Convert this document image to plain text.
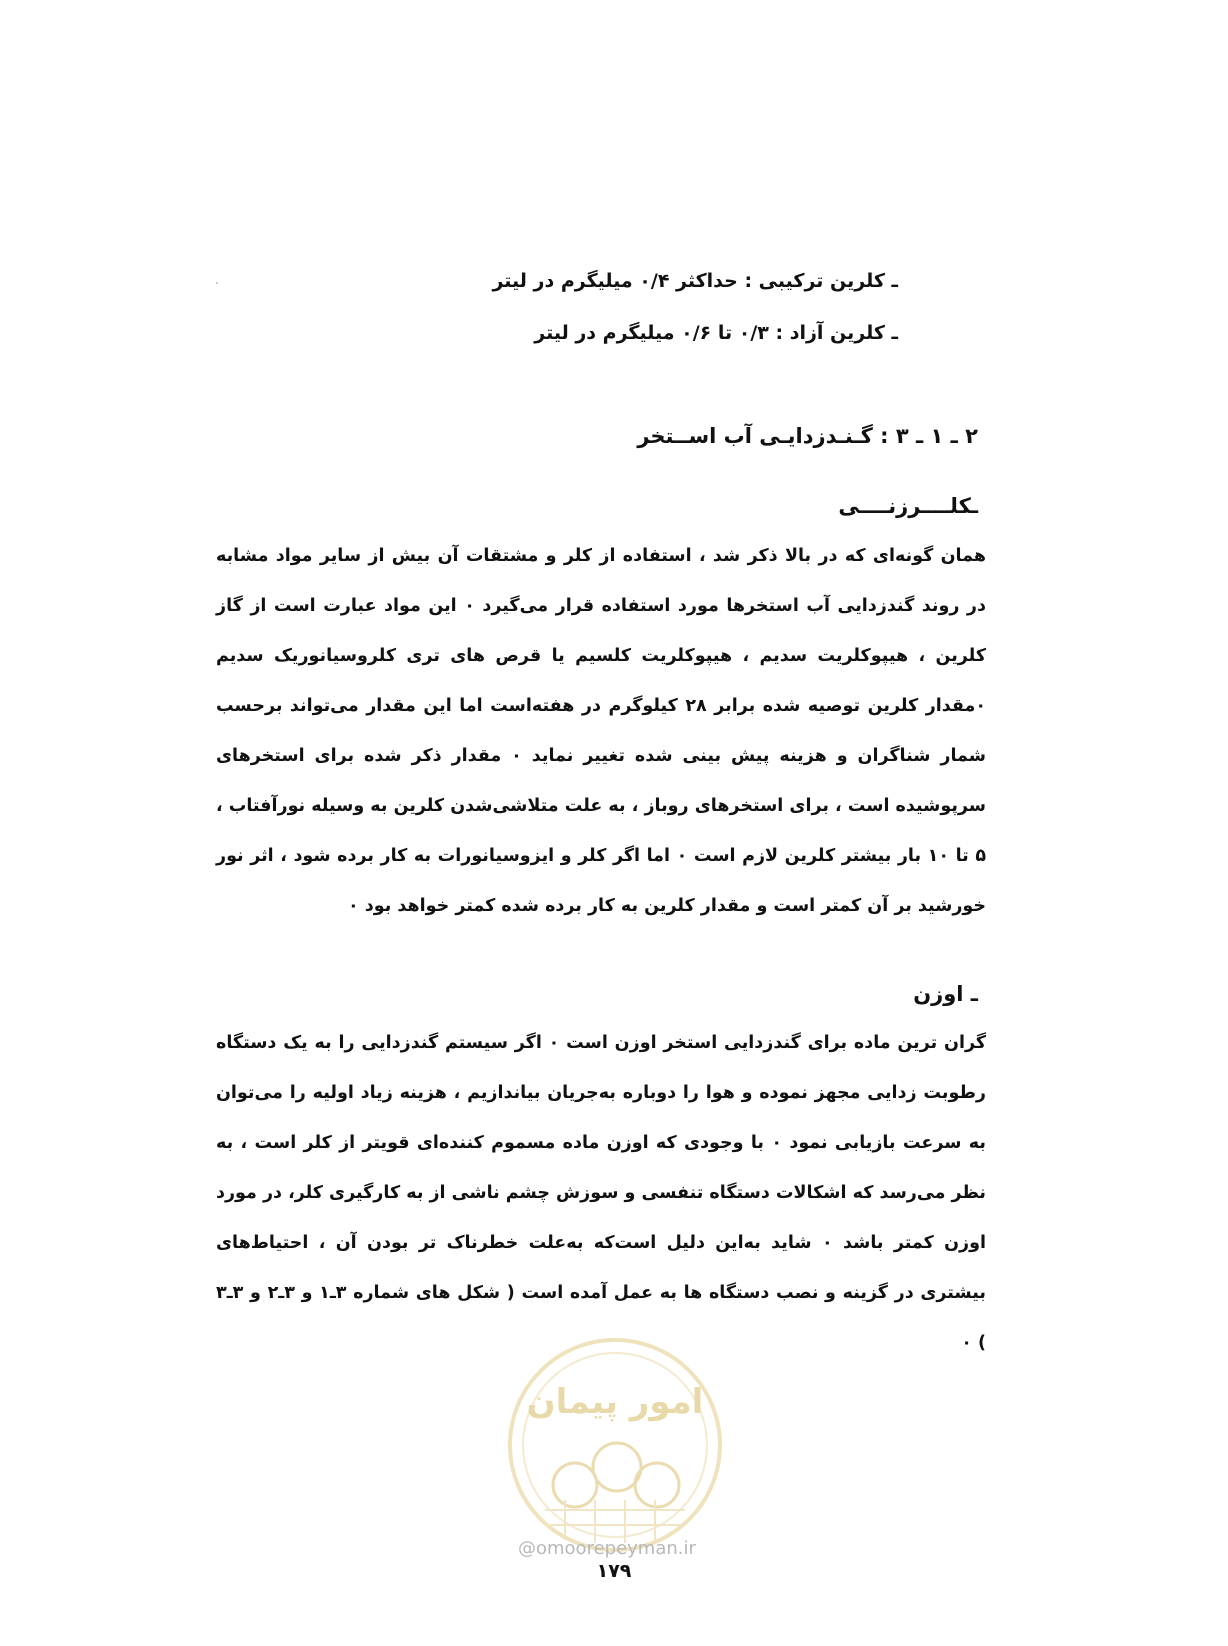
ـ کلرین ترکیبی : حداکثر ۰/۴ میلیگرم در لیتر
ـ کلرین آزاد : ۰/۳ تا ۰/۶ میلیگرم در لیتر
۲ ـ ۱ ـ ۳ : گـنـدزدایـی آب اســتخر
ـکلــــرزنــــی

همان گونه‌ای که در بالا ذکر شد ، استفاده از کلر و مشتقات آن بیش از سایر مواد مشابه در روند گندزدایی آب استخرها مورد استفاده قرار می‌گیرد ۰ این مواد عبارت است از گاز کلرین ، هیپوکلریت سدیم ، هیپوکلریت کلسیم یا قرص های تری کلروسیانوریک سدیم ۰مقدار کلرین توصیه شده برابر ۲۸ کیلوگرم در هفته‌است اما این مقدار می‌تواند برحسب شمار شناگران و هزینه پیش بینی شده تغییر نماید ۰ مقدار ذکر شده برای استخرهای سرپوشیده است ، برای استخرهای روباز ، به علت متلاشی‌شدن کلرین به وسیله نورآفتاب ، ۵ تا ۱۰ بار بیشتر کلرین لازم است ۰ اما اگر کلر و ایزوسیانورات به کار برده شود ، اثر نور خورشید بر آن کمتر است و مقدار کلرین به کار برده شده کمتر خواهد بود ۰

ـ اوزن

گران ترین ماده برای گندزدایی استخر اوزن است ۰ اگر سیستم گندزدایی را به یک دستگاه رطوبت زدایی مجهز نموده و هوا را دوباره به‌جریان بیاندازیم ، هزینه زیاد اولیه را می‌توان به سرعت بازیابی نمود ۰ با وجودی که اوزن ماده مسموم کننده‌ای قویتر از کلر است ، به نظر می‌رسد که اشکالات دستگاه تنفسی و سوزش چشم ناشی از به کارگیری کلر، در مورد اوزن کمتر باشد ۰ شاید به‌این دلیل است‌که به‌علت خطرناک تر بودن آن ، احتیاط‌های بیشتری در گزینه و نصب دستگاه ها به عمل آمده است ( شکل های شماره ۳ـ۱ و ۳ـ۲ و ۳ـ۳ ) ۰

امور پیمان
@omoorepeyman.ir
۱۷۹
